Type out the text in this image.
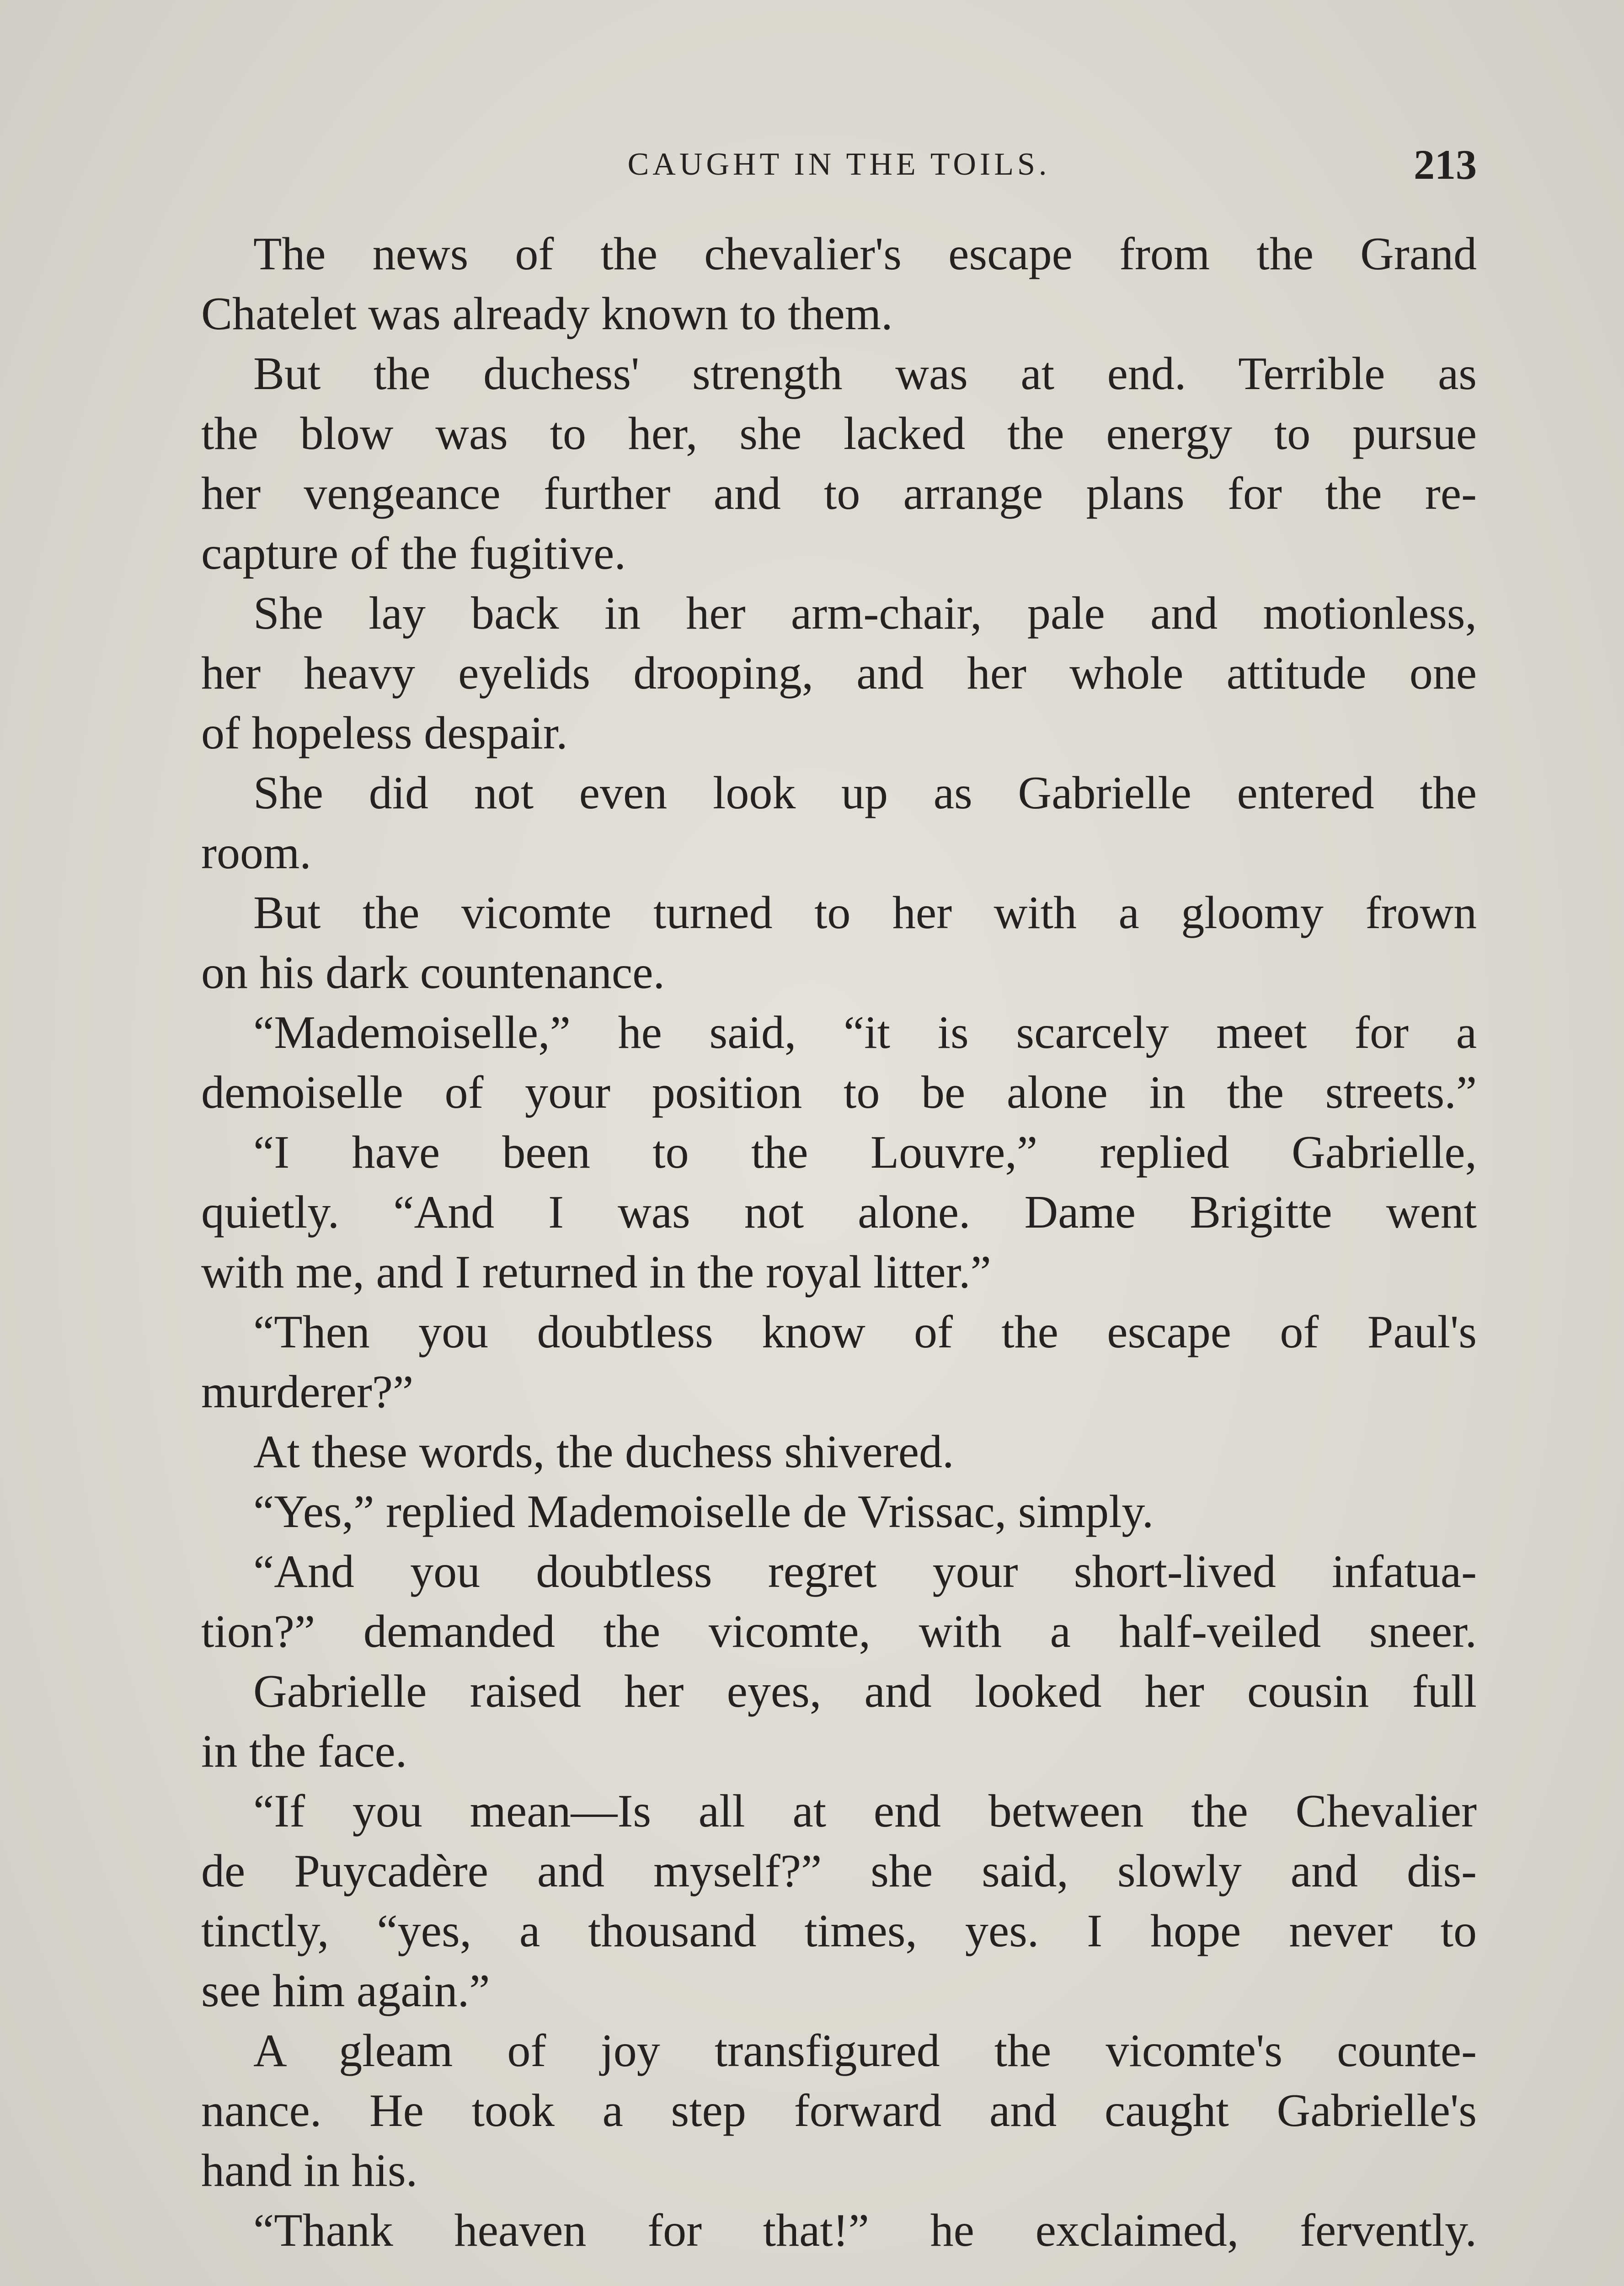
CAUGHT IN THE TOILS.	213
The news of the chevalier's escape from the Grand
Chatelet was already known to them.
But the duchess' strength was at end. Terrible as
the blow was to her, she lacked the energy to pursue
her vengeance further and to arrange plans for the re-
capture of the fugitive.
She lay back in her arm-chair, pale and motionless,
her heavy eyelids drooping, and her whole attitude one
of hopeless despair.
She did not even look up as Gabrielle entered the
room.
But the vicomte turned to her with a gloomy frown
on his dark countenance.
“Mademoiselle,” he said, “it is scarcely meet for a
demoiselle of your position to be alone in the streets.”
“I have been to the Louvre,” replied Gabrielle,
quietly. “And I was not alone. Dame Brigitte went
with me, and I returned in the royal litter.”
“Then you doubtless know of the escape of Paul's
murderer?”
At these words, the duchess shivered.
“Yes,” replied Mademoiselle de Vrissac, simply.
“And you doubtless regret your short-lived infatua-
tion?” demanded the vicomte, with a half-veiled sneer.
Gabrielle raised her eyes, and looked her cousin full
in the face.
“If you mean—Is all at end between the Chevalier
de Puycadère and myself?” she said, slowly and dis-
tinctly, “yes, a thousand times, yes. I hope never to
see him again.”
A gleam of joy transfigured the vicomte's counte-
nance. He took a step forward and caught Gabrielle's
hand in his.
“Thank heaven for that!” he exclaimed, fervently.
